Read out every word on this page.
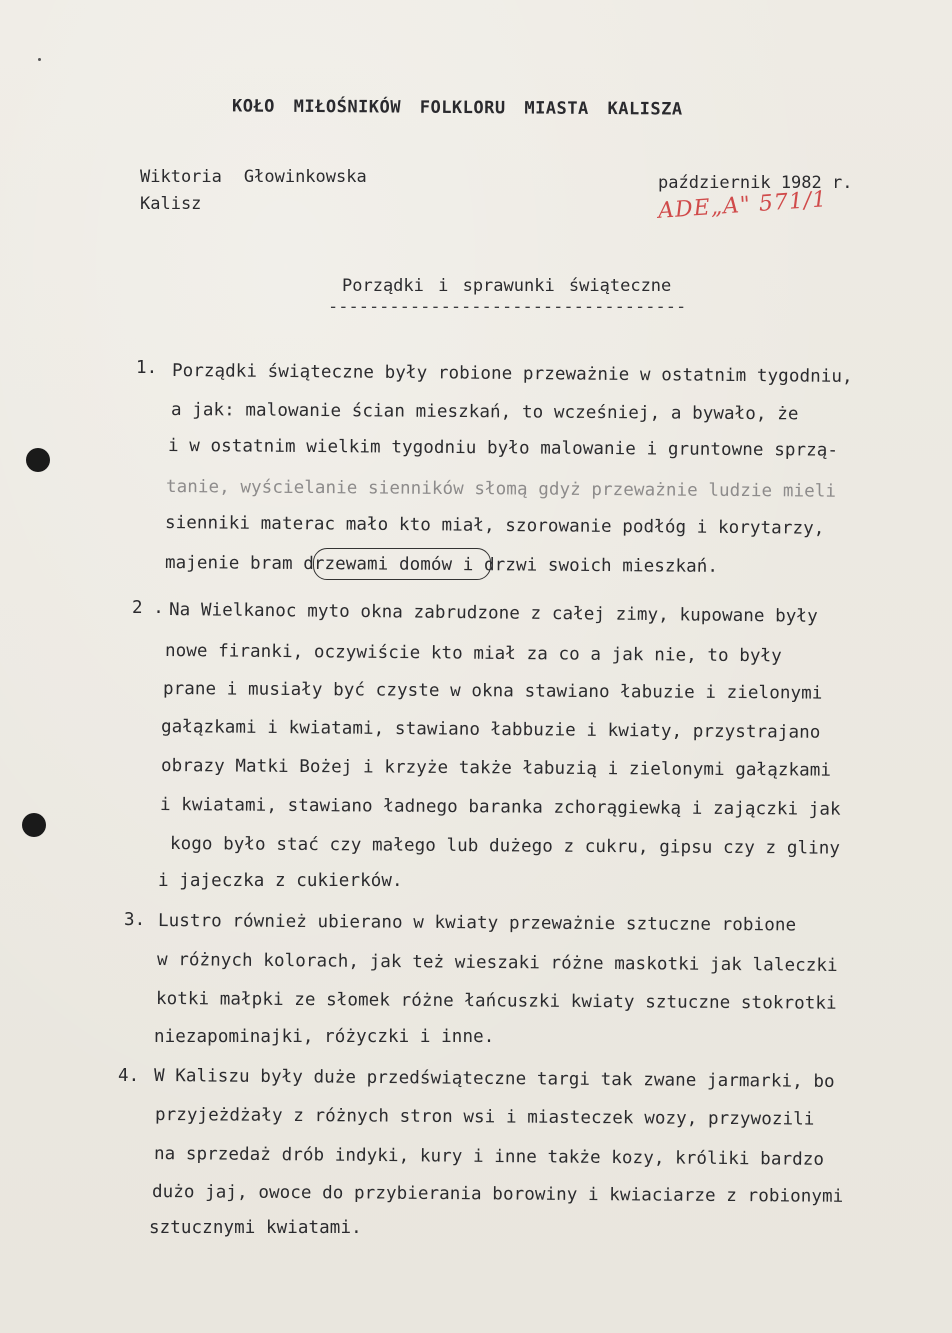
KOŁO MIŁOŚNIKÓW FOLKLORU MIASTA KALISZA
Wiktoria Głowinkowska
Kalisz
październik 1982 r.
ADE„A" 571/1
Porządki i sprawunki świąteczne
-----------------------------------
1. Porządki świąteczne były robione przeważnie w ostatnim tygodniu,
a jak: malowanie ścian mieszkań, to wcześniej, a bywało, że
i w ostatnim wielkim tygodniu było malowanie i gruntowne sprzą-
tanie, wyścielanie sienników słomą gdyż przeważnie ludzie mieli
sienniki materac mało kto miał, szorowanie podłóg i korytarzy,
majenie bram drzewami domów i drzwi swoich mieszkań.
2 . Na Wielkanoc myto okna zabrudzone z całej zimy, kupowane były
nowe firanki, oczywiście kto miał za co a jak nie, to były
prane i musiały być czyste w okna stawiano łabuzie i zielonymi
gałązkami i kwiatami, stawiano łabbuzie i kwiaty, przystrajano
obrazy Matki Bożej i krzyże także łabuzią i zielonymi gałązkami
i kwiatami, stawiano ładnego baranka zchorągiewką i zajączki jak
kogo było stać czy małego lub dużego z cukru, gipsu czy z gliny
i jajeczka z cukierków.
3. Lustro również ubierano w kwiaty przeważnie sztuczne robione
w różnych kolorach, jak też wieszaki różne maskotki jak laleczki
kotki małpki ze słomek różne łańcuszki kwiaty sztuczne stokrotki
niezapominajki, różyczki i inne.
4. W Kaliszu były duże przedświąteczne targi tak zwane jarmarki, bo
przyjeżdżały z różnych stron wsi i miasteczek wozy, przywozili
na sprzedaż drób indyki, kury i inne także kozy, króliki bardzo
dużo jaj, owoce do przybierania borowiny i kwiaciarze z robionymi
sztucznymi kwiatami.
